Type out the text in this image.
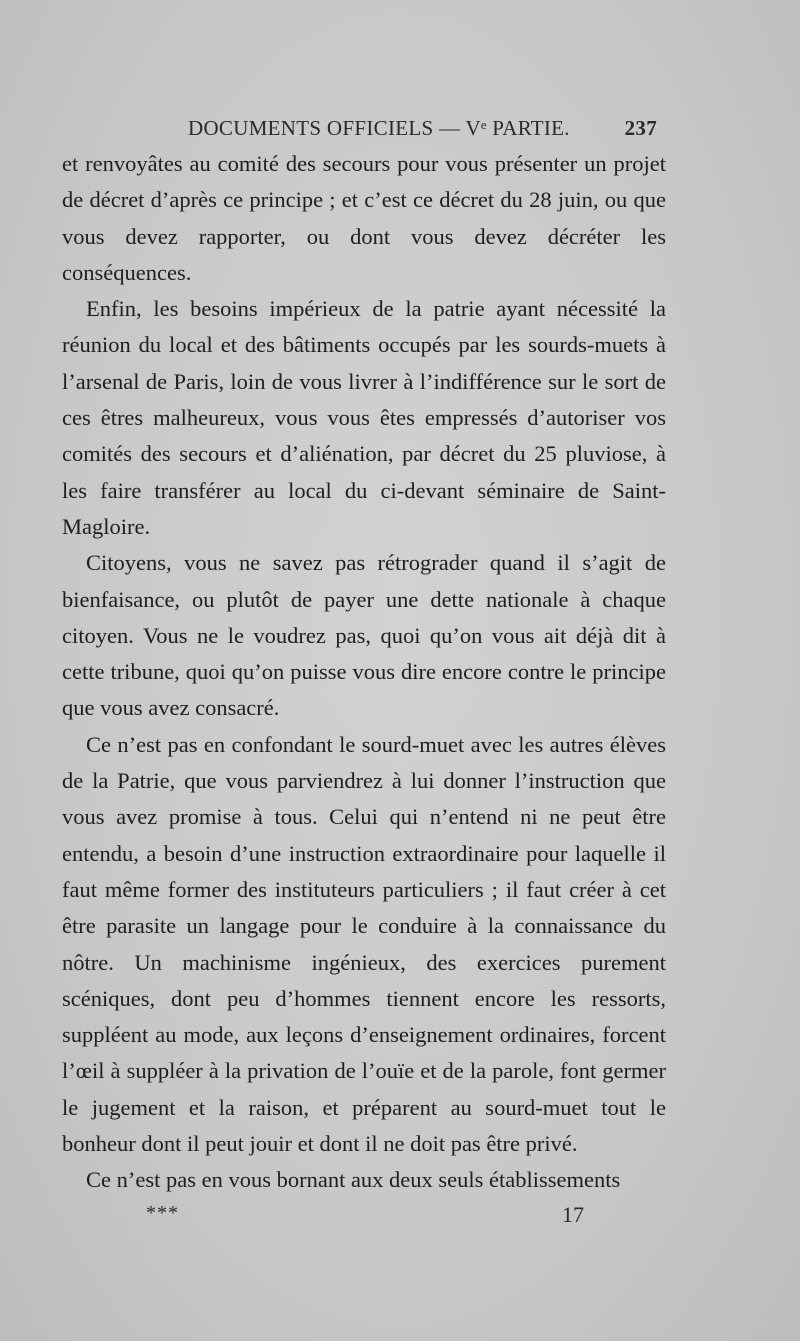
DOCUMENTS OFFICIELS — Vᵉ PARTIE.	237

et renvoyâtes au comité des secours pour vous présenter un projet de décret d’après ce principe ; et c’est ce décret du 28 juin, ou que vous devez rapporter, ou dont vous devez décréter les conséquences.

Enfin, les besoins impérieux de la patrie ayant nécessité la réunion du local et des bâtiments occupés par les sourds-muets à l’arsenal de Paris, loin de vous livrer à l’indifférence sur le sort de ces êtres malheureux, vous vous êtes empressés d’autoriser vos comités des secours et d’aliénation, par décret du 25 pluviose, à les faire transférer au local du ci-devant séminaire de Saint-Magloire.

Citoyens, vous ne savez pas rétrograder quand il s’agit de bienfaisance, ou plutôt de payer une dette nationale à chaque citoyen. Vous ne le voudrez pas, quoi qu’on vous ait déjà dit à cette tribune, quoi qu’on puisse vous dire encore contre le principe que vous avez consacré.

Ce n’est pas en confondant le sourd-muet avec les autres élèves de la Patrie, que vous parviendrez à lui donner l’instruction que vous avez promise à tous. Celui qui n’entend ni ne peut être entendu, a besoin d’une instruction extraordinaire pour laquelle il faut même former des instituteurs particuliers ; il faut créer à cet être parasite un langage pour le conduire à la connaissance du nôtre. Un machinisme ingénieux, des exercices purement scéniques, dont peu d’hommes tiennent encore les ressorts, suppléent au mode, aux leçons d’enseignement ordinaires, forcent l’œil à suppléer à la privation de l’ouïe et de la parole, font germer le jugement et la raison, et préparent au sourd-muet tout le bonheur dont il peut jouir et dont il ne doit pas être privé.

Ce n’est pas en vous bornant aux deux seuls établissements

***	17
